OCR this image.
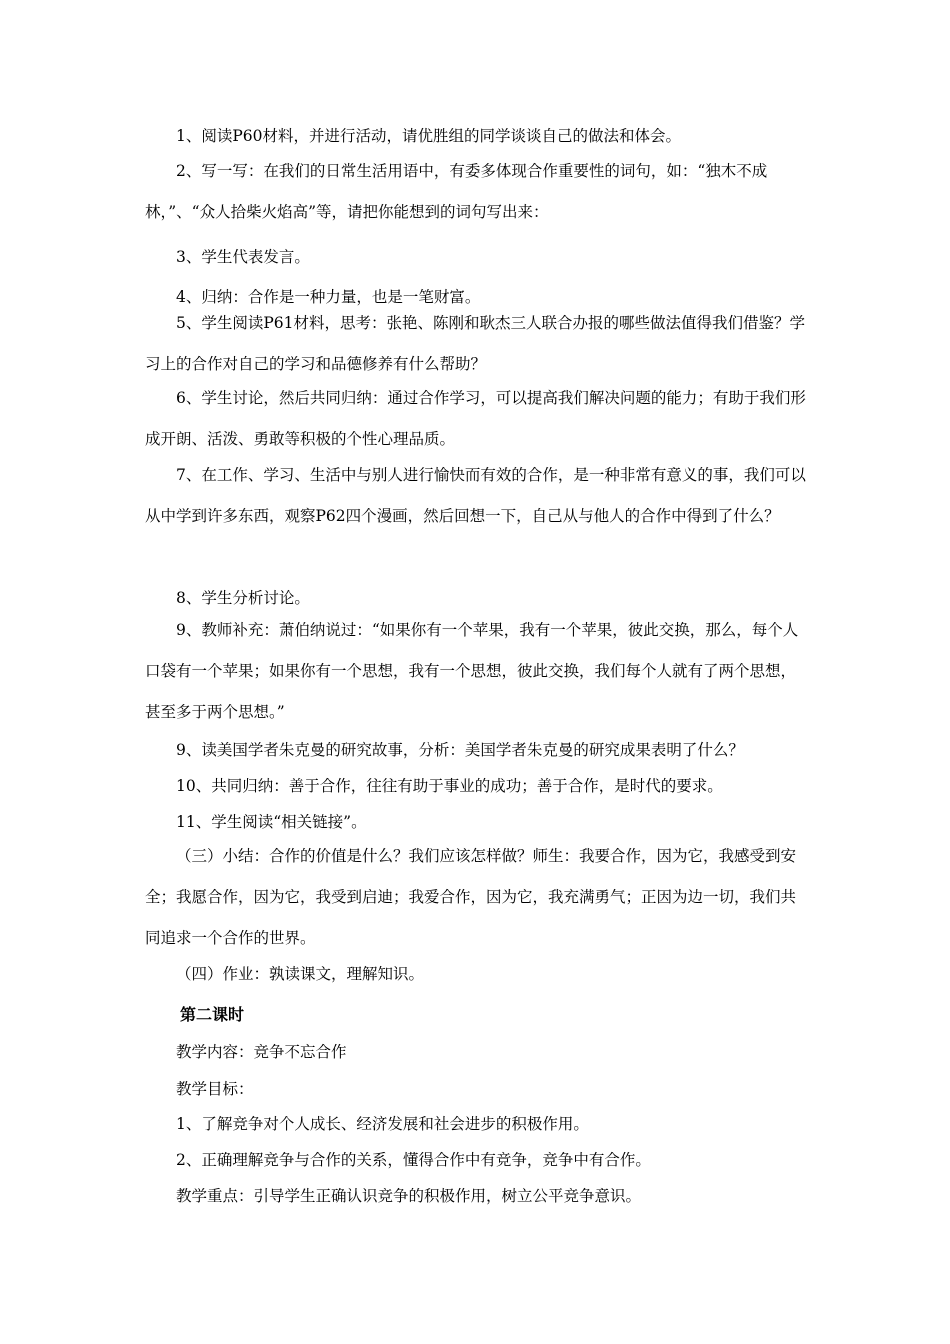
1、阅读P60材料，并进行活动，请优胜组的同学谈谈自己的做法和体会。

2、写一写：在我们的日常生活用语中，有委多体现合作重要性的词句，如：“独木不成林，”、“众人拾柴火焰高”等，请把你能想到的词句写出来：

3、学生代表发言。

4、归纳：合作是一种力量，也是一笔财富。

5、学生阅读P61材料，思考：张艳、陈刚和耿杰三人联合办报的哪些做法值得我们借鉴？学习上的合作对自己的学习和品德修养有什么帮助？

6、学生讨论，然后共同归纳：通过合作学习，可以提高我们解决问题的能力；有助于我们形成开朗、活泼、勇敢等积极的个性心理品质。

7、在工作、学习、生活中与别人进行愉快而有效的合作，是一种非常有意义的事，我们可以从中学到许多东西，观察P62四个漫画，然后回想一下，自己从与他人的合作中得到了什么？

8、学生分析讨论。

9、教师补充：萧伯纳说过：“如果你有一个苹果，我有一个苹果，彼此交换，那么，每个人口袋有一个苹果；如果你有一个思想，我有一个思想，彼此交换，我们每个人就有了两个思想，甚至多于两个思想。”

9、读美国学者朱克曼的研究故事，分析：美国学者朱克曼的研究成果表明了什么？

10、共同归纳：善于合作，往往有助于事业的成功；善于合作，是时代的要求。

11、学生阅读“相关链接”。

（三）小结：合作的价值是什么？我们应该怎样做？师生：我要合作，因为它，我感受到安全；我愿合作，因为它，我受到启迪；我爱合作，因为它，我充满勇气；正因为边一切，我们共同追求一个合作的世界。

（四）作业：孰读课文，理解知识。

第二课时

教学内容：竞争不忘合作

教学目标：

1、了解竞争对个人成长、经济发展和社会进步的积极作用。

2、正确理解竞争与合作的关系，懂得合作中有竞争，竞争中有合作。

教学重点：引导学生正确认识竞争的积极作用，树立公平竞争意识。
